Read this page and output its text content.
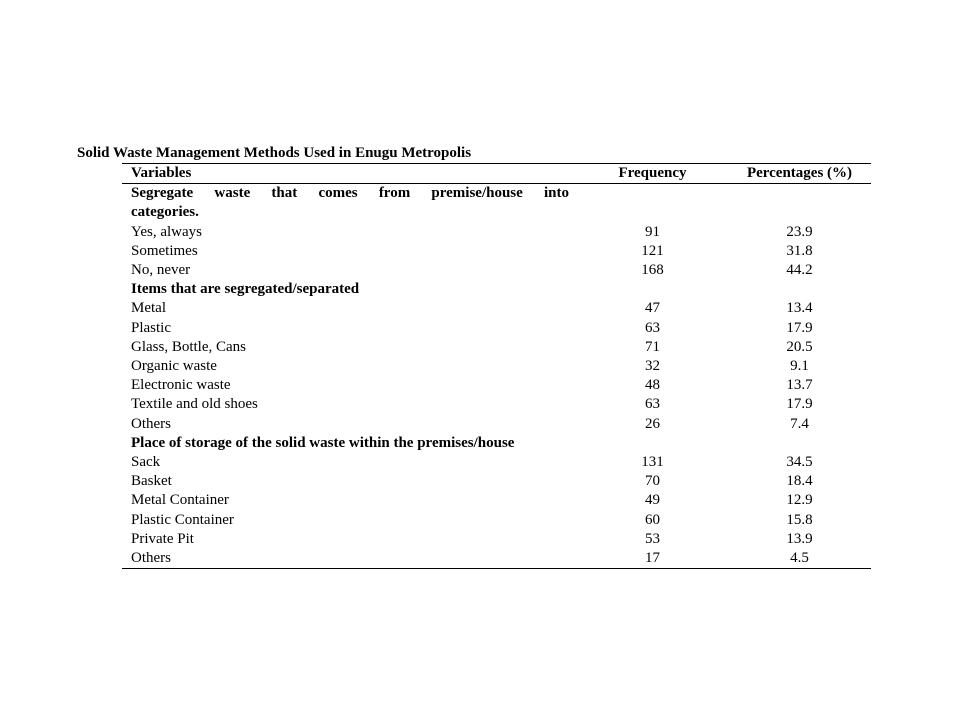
Solid Waste Management Methods Used in Enugu Metropolis
Variables	Frequency	Percentages (%)

Segregate waste that comes from premise/house into		

categories.		
Yes, always	91	23.9
Sometimes	121	31.8
No, never	168	44.2
Items that are segregated/separated		
Metal	47	13.4
Plastic	63	17.9
Glass, Bottle, Cans	71	20.5
Organic waste	32	9.1
Electronic waste	48	13.7
Textile and old shoes	63	17.9
Others	26	7.4
Place of storage of the solid waste within the premises/house		
Sack	131	34.5
Basket	70	18.4
Metal Container	49	12.9
Plastic Container	60	15.8
Private Pit	53	13.9
Others	17	4.5
